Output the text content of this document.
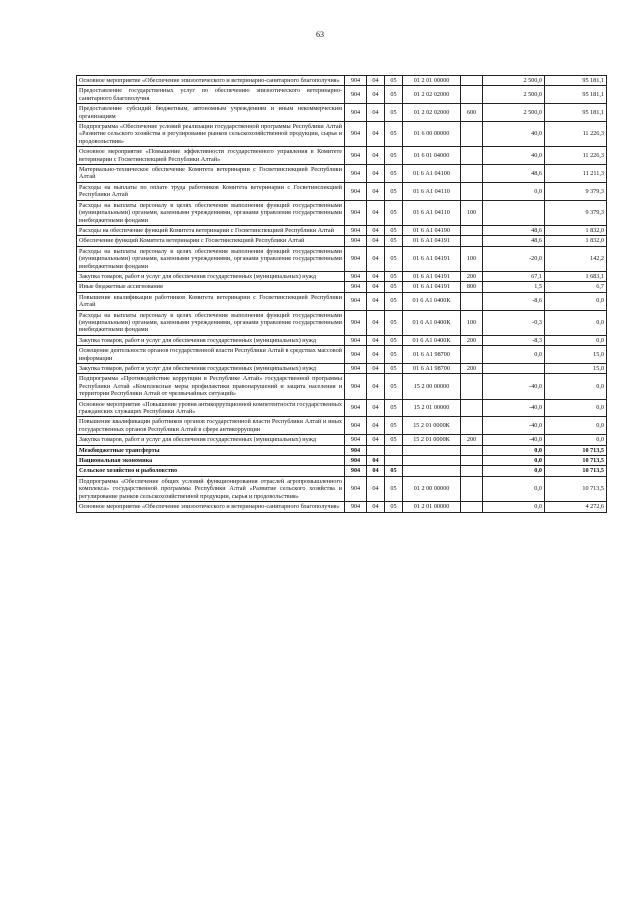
63
Основное мероприятие «Обеспечение эпизоотического и ветеринарно-санитарного благополучия»	904	04	05	01 2 01 00000		2 500,0	95 181,1
Предоставление государственных услуг по обеспечению эпизоотического ветеринарно-санитарного благополучия	904	04	05	01 2 02 02000		2 500,0	95 181,1
Предоставление субсидий бюджетным, автономным учреждениям и иным некоммерческим организациям	904	04	05	01 2 02 02000	600	2 500,0	95 181,1
Подпрограмма «Обеспечение условий реализации государственной программы Республики Алтай «Развитие сельского хозяйства и регулирование рынков сельскохозяйственной продукции, сырья и продовольствия»	904	04	05	01 6 00 00000		40,0	11 226,3
Основное мероприятие «Повышение эффективности государственного управления в Комитете ветеринарии с Госветинспекцией Республики Алтай»	904	04	05	01 6 01 04000		40,0	11 226,3
Материально-техническое обеспечение Комитета ветеринарии с Госветинспекцией Республики Алтай	904	04	05	01 6 А1 04100		48,6	11 211,3
Расходы на выплаты по оплате труда работников Комитета ветеринарии с Госветинспекцией Республики Алтай	904	04	05	01 6 А1 04110		0,0	9 379,3
Расходы на выплаты персоналу в целях обеспечения выполнения функций государственными (муниципальными) органами, казенными учреждениями, органами управления государственными внебюджетными фондами	904	04	05	01 6 А1 04110	100		9 379,3
Расходы на обеспечение функций Комитета ветеринарии с Госветинспекцией Республики Алтай	904	04	05	01 6 А1 04190		48,6	1 832,0
Обеспечение функций Комитета ветеринарии с Госветинспекцией Республики Алтай	904	04	05	01 6 А1 04191		48,6	1 832,0
Расходы на выплаты персоналу в целях обеспечения выполнения функций государственными (муниципальными) органами, казенными учреждениями, органами управления государственными внебюджетными фондами	904	04	05	01 6 А1 04191	100	-20,0	142,2
Закупка товаров, работ и услуг для обеспечения государственных (муниципальных) нужд	904	04	05	01 6 А1 04191	200	67,1	1 683,1
Иные бюджетные ассигнования	904	04	05	01 6 А1 04191	800	1,5	6,7
Повышение квалификации работников Комитета ветеринарии с Госветинспекцией Республики Алтай	904	04	05	01 6 А1 0400К		-8,6	0,0
Расходы на выплаты персоналу в целях обеспечения выполнения функций государственными (муниципальными) органами, казенными учреждениями, органами управления государственными внебюджетными фондами	904	04	05	01 6 А1 0400К	100	-0,3	0,0
Закупка товаров, работ и услуг для обеспечения государственных (муниципальных) нужд	904	04	05	01 6 А1 0400К	200	-8,3	0,0
Освещение деятельности органов государственной власти Республики Алтай в средствах массовой информации	904	04	05	01 6 А1 98700		0,0	15,0
Закупка товаров, работ и услуг для обеспечения государственных (муниципальных) нужд	904	04	05	01 6 А1 98700	200		15,0
Подпрограмма «Противодействие коррупции в Республике Алтай» государственной программы Республики Алтай «Комплексные меры профилактики правонарушений и защита населения и территории Республики Алтай от чрезвычайных ситуаций»	904	04	05	15 2 00 00000		-40,0	0,0
Основное мероприятие «Повышение уровня антикоррупционной компетентности государственных гражданских служащих Республики Алтай»	904	04	05	15 2 01 00000		-40,0	0,0
Повышение квалификации работников органов государственной власти Республики Алтай и иных государственных органов Республики Алтай в сфере антикоррупции	904	04	05	15 2 01 0000К		-40,0	0,0
Закупка товаров, работ и услуг для обеспечения государственных (муниципальных) нужд	904	04	05	15 2 01 0000К	200	-40,0	0,0
Межбюджетные трансферты	904					0,0	10 713,5
Национальная экономика	904	04				0,0	10 713,5
Сельское хозяйство и рыболовство	904	04	05			0,0	10 713,5
Подпрограмма «Обеспечение общих условий функционирования отраслей агропромышленного комплекса» государственной программы Республики Алтай «Развитие сельского хозяйства и регулирование рынков сельскохозяйственной продукции, сырья и продовольствия»	904	04	05	01 2 00 00000		0,0	10 713,5
Основное мероприятие «Обеспечение эпизоотического и ветеринарно-санитарного благополучия»	904	04	05	01 2 01 00000		0,0	4 272,6
